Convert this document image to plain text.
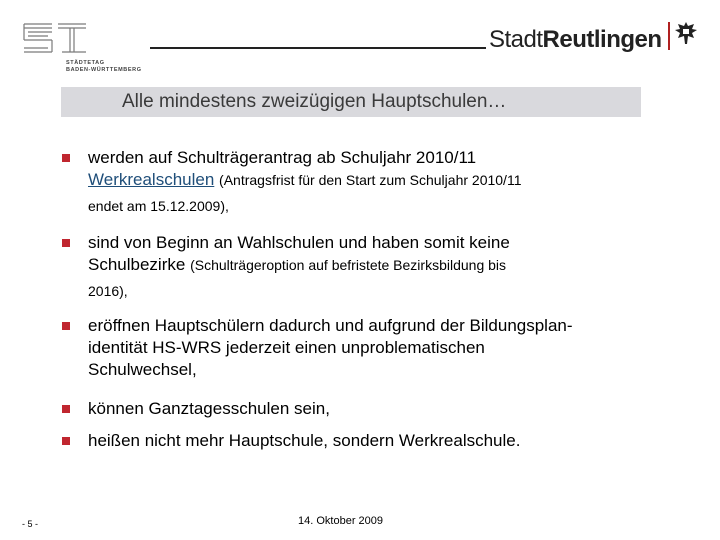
STÄDTETAG
BADEN-WÜRTTEMBERG
StadtReutlingen
Alle mindestens zweizügigen Hauptschulen…
werden auf Schulträgerantrag ab Schuljahr 2010/11
Werkrealschulen (Antragsfrist für den Start zum Schuljahr 2010/11
endet am 15.12.2009),
sind von Beginn an Wahlschulen und haben somit keine
Schulbezirke (Schulträgeroption auf befristete Bezirksbildung bis
2016),
eröffnen Hauptschülern dadurch und aufgrund der Bildungsplan-
identität HS-WRS jederzeit einen unproblematischen
Schulwechsel,
können Ganztagesschulen sein,
heißen nicht mehr Hauptschule, sondern Werkrealschule.
- 5 -	14. Oktober 2009
